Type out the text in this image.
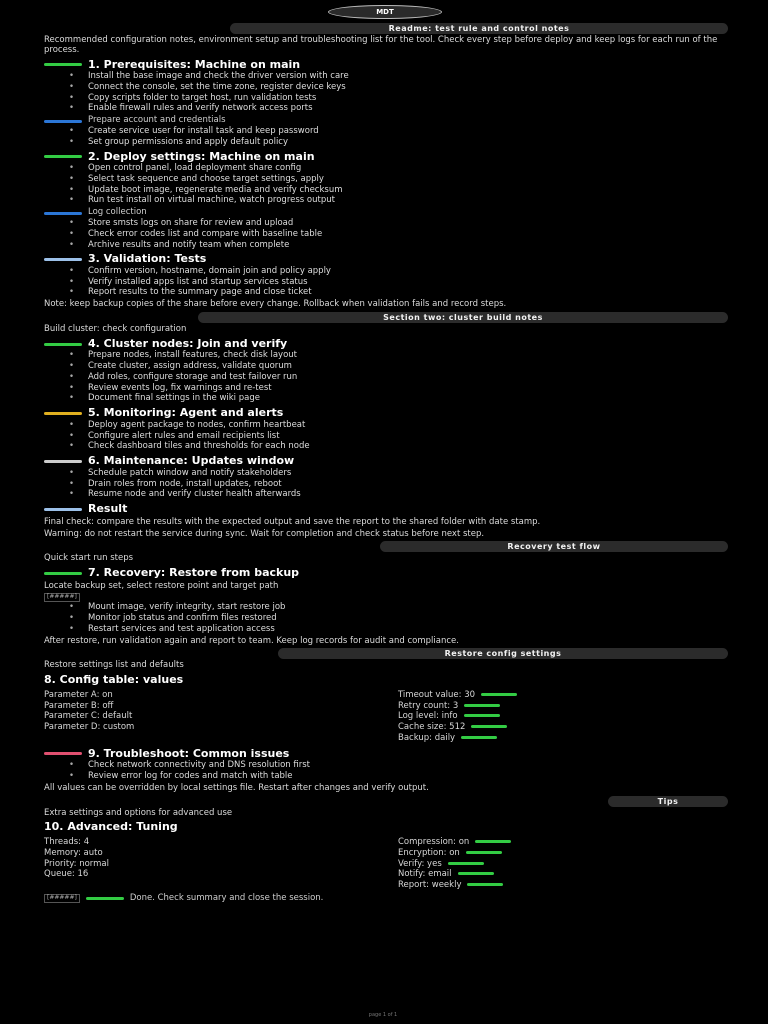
MDT
Readme: test rule and control notes
Recommended configuration notes, environment setup and troubleshooting list for the tool. Check every step before deploy and keep logs for each run of the process.
1. Prerequisites: Machine on main
• Install the base image and check the driver version with care
• Connect the console, set the time zone, register device keys
• Copy scripts folder to target host, run validation tests
• Enable firewall rules and verify network access ports
Prepare account and credentials
• Create service user for install task and keep password
• Set group permissions and apply default policy
2. Deploy settings: Machine on main
• Open control panel, load deployment share config
• Select task sequence and choose target settings, apply
• Update boot image, regenerate media and verify checksum
• Run test install on virtual machine, watch progress output
Log collection
• Store smsts logs on share for review and upload
• Check error codes list and compare with baseline table
• Archive results and notify team when complete
3. Validation: Tests
• Confirm version, hostname, domain join and policy apply
• Verify installed apps list and startup services status
• Report results to the summary page and close ticket
Note: keep backup copies of the share before every change. Rollback when validation fails and record steps.
Section two: cluster build notes
Build cluster: check configuration
4. Cluster nodes: Join and verify
• Prepare nodes, install features, check disk layout
• Create cluster, assign address, validate quorum
• Add roles, configure storage and test failover run
• Review events log, fix warnings and re-test
• Document final settings in the wiki page
5. Monitoring: Agent and alerts
• Deploy agent package to nodes, confirm heartbeat
• Configure alert rules and email recipients list
• Check dashboard tiles and thresholds for each node
6. Maintenance: Updates window
• Schedule patch window and notify stakeholders
• Drain roles from node, install updates, reboot
• Resume node and verify cluster health afterwards
Result
Final check: compare the results with the expected output and save the report to the shared folder with date stamp.
Warning: do not restart the service during sync. Wait for completion and check status before next step.
Recovery test flow
Quick start run steps
7. Recovery: Restore from backup
Locate backup set, select restore point and target path
[#####]
• Mount image, verify integrity, start restore job
• Monitor job status and confirm files restored
• Restart services and test application access
After restore, run validation again and report to team. Keep log records for audit and compliance.
Restore config settings
Restore settings list and defaults
8. Config table: values
Parameter A: on
Parameter B: off
Parameter C: default
Parameter D: custom
Timeout value: 30
Retry count: 3
Log level: info
Cache size: 512
Backup: daily
9. Troubleshoot: Common issues
• Check network connectivity and DNS resolution first
• Review error log for codes and match with table
All values can be overridden by local settings file. Restart after changes and verify output.
Tips
Extra settings and options for advanced use
10. Advanced: Tuning
Threads: 4
Memory: auto
Priority: normal
Queue: 16
Compression: on
Encryption: on
Verify: yes
Notify: email
Report: weekly
[#####]	Done. Check summary and close the session.
page 1 of 1
